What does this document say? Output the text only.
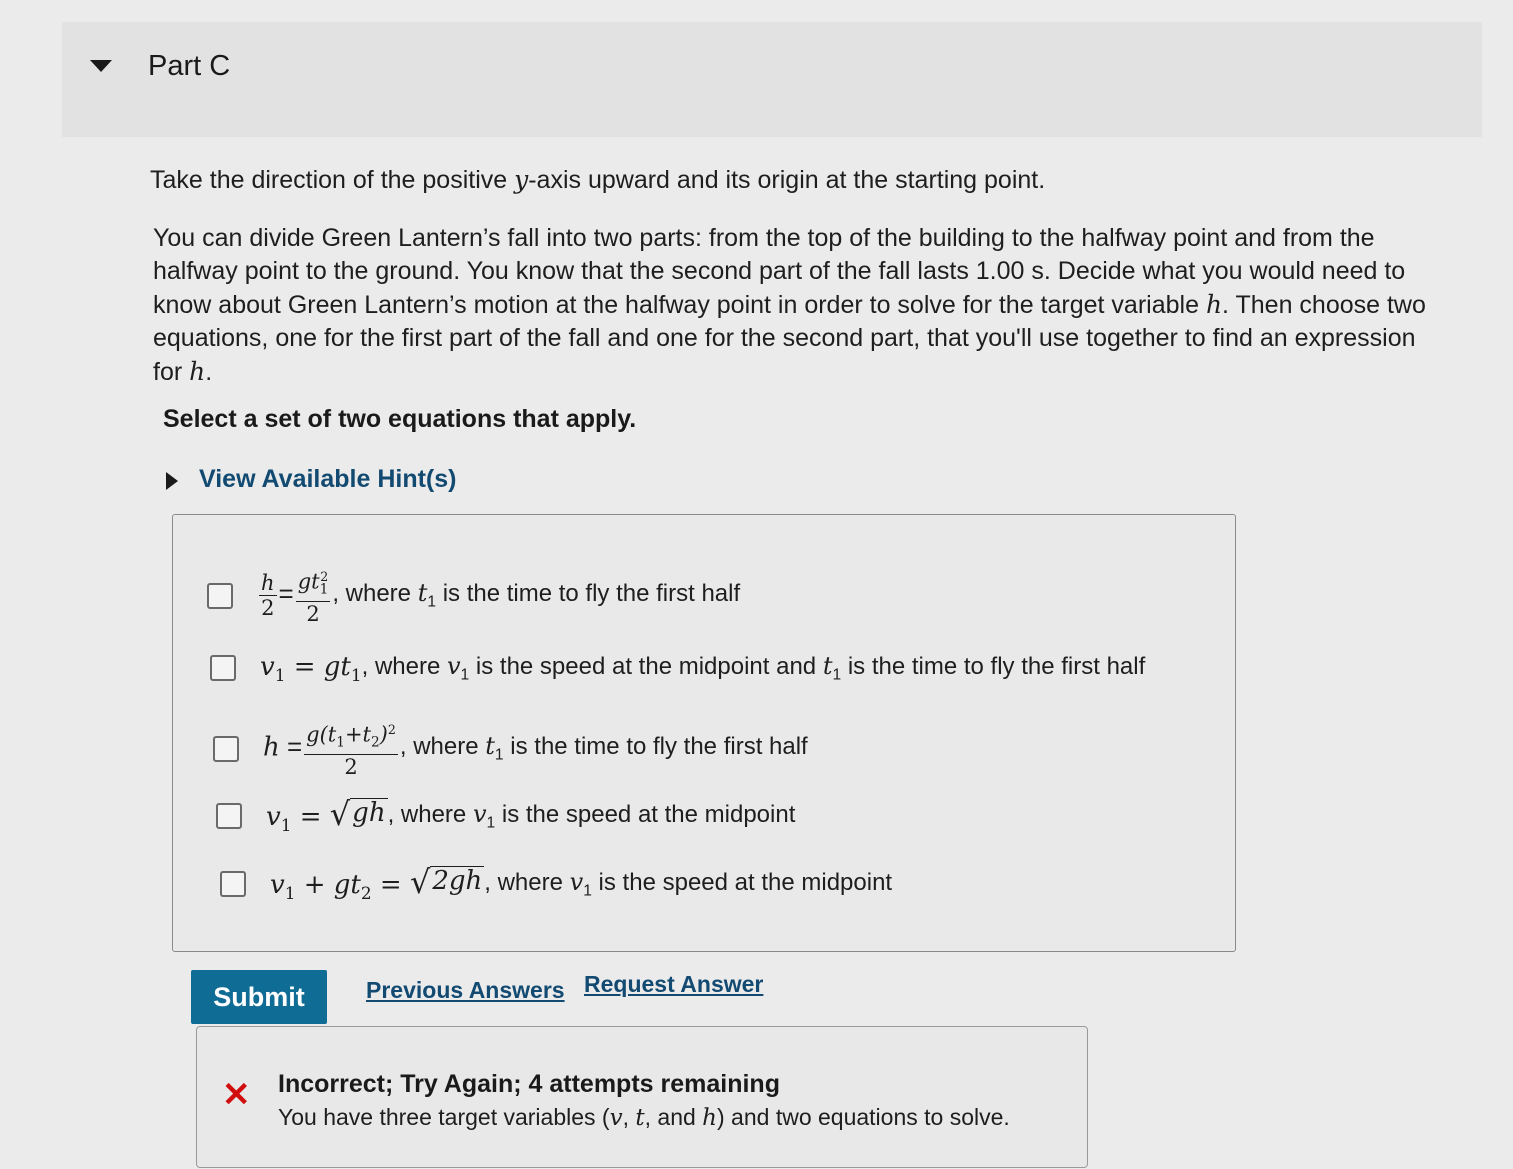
Part C
Take the direction of the positive y-axis upward and its origin at the starting point.
You can divide Green Lantern’s fall into two parts: from the top of the building to the halfway point and from the
halfway point to the ground. You know that the second part of the fall lasts 1.00 s. Decide what you would need to
know about Green Lantern’s motion at the halfway point in order to solve for the target variable h. Then choose two
equations, one for the first part of the fall and one for the second part, that you'll use together to find an expression
for h.
Select a set of two equations that apply.
View Available Hint(s)
$\frac{h}{2} = \frac{gt_1^2}{2}$ , where $t_1$ is the time to fly the first half
$v_1 = gt_1$ , where $v_1$ is the speed at the midpoint and $t_1$ is the time to fly the first half
$h = \frac{g(t_1+t_2)^2}{2}$ , where $t_1$ is the time to fly the first half
$v_1$ = √ gh , where $v_1$ is the speed at the midpoint
$v_1 + gt_2$ = √ 2gh , where $v_1$ is the speed at the midpoint
Submit	Previous Answers Request Answer
✕ Incorrect; Try Again; 4 attempts remaining
You have three target variables (v, t, and h) and two equations to solve.
